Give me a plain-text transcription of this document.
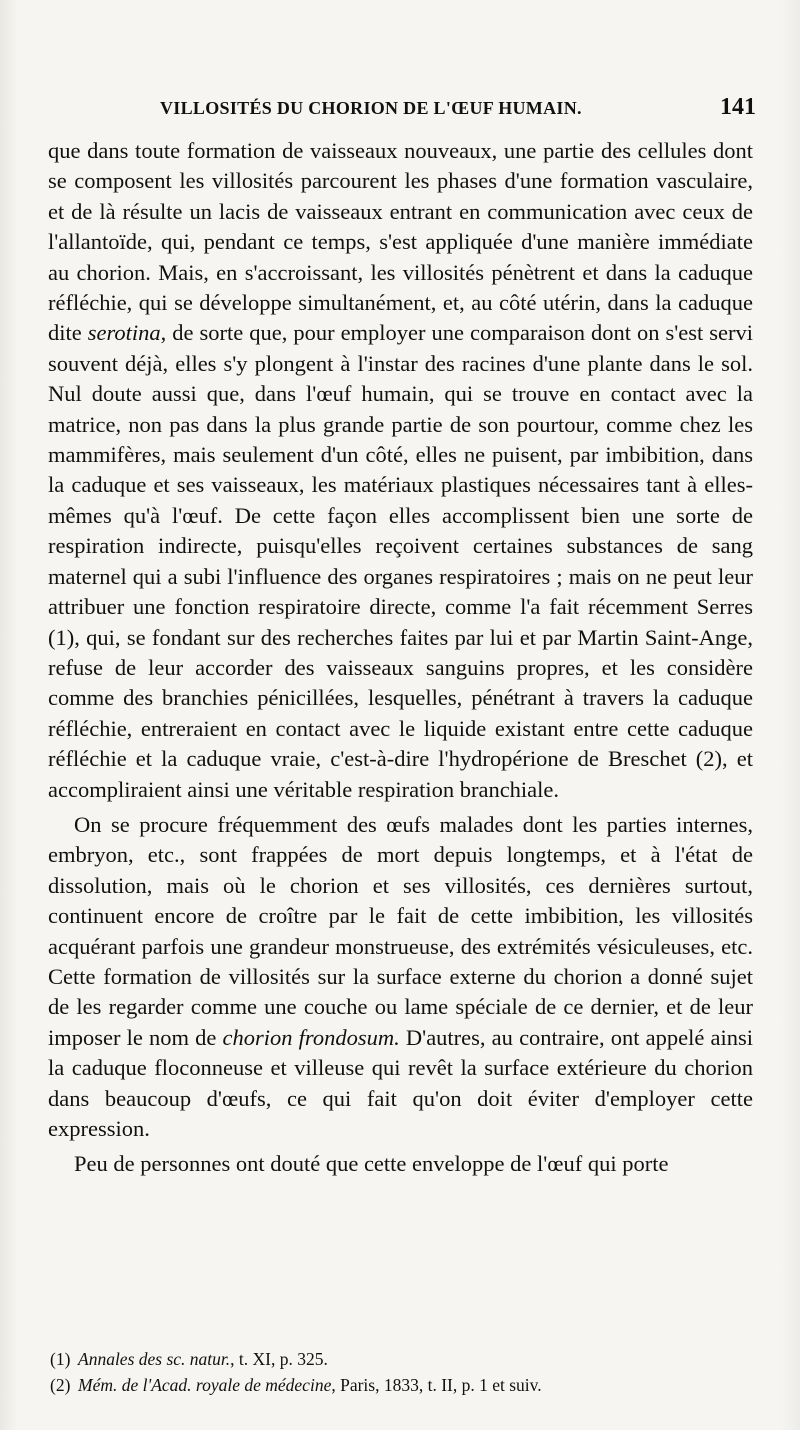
VILLOSITÉS DU CHORION DE L'ŒUF HUMAIN.	141

que dans toute formation de vaisseaux nouveaux, une partie des cellules dont se composent les villosités parcourent les phases d'une formation vasculaire, et de là résulte un lacis de vaisseaux entrant en communication avec ceux de l'allantoïde, qui, pendant ce temps, s'est appliquée d'une manière immédiate au chorion. Mais, en s'accroissant, les villosités pénètrent et dans la caduque réfléchie, qui se développe simultanément, et, au côté utérin, dans la caduque dite serotina, de sorte que, pour employer une comparaison dont on s'est servi souvent déjà, elles s'y plongent à l'instar des racines d'une plante dans le sol. Nul doute aussi que, dans l'œuf humain, qui se trouve en contact avec la matrice, non pas dans la plus grande partie de son pourtour, comme chez les mammifères, mais seulement d'un côté, elles ne puisent, par imbibition, dans la caduque et ses vaisseaux, les matériaux plastiques nécessaires tant à elles-mêmes qu'à l'œuf. De cette façon elles accomplissent bien une sorte de respiration indirecte, puisqu'elles reçoivent certaines substances de sang maternel qui a subi l'influence des organes respiratoires ; mais on ne peut leur attribuer une fonction respiratoire directe, comme l'a fait récemment Serres (1), qui, se fondant sur des recherches faites par lui et par Martin Saint-Ange, refuse de leur accorder des vaisseaux sanguins propres, et les considère comme des branchies pénicillées, lesquelles, pénétrant à travers la caduque réfléchie, entreraient en contact avec le liquide existant entre cette caduque réfléchie et la caduque vraie, c'est-à-dire l'hydropérione de Breschet (2), et accompliraient ainsi une véritable respiration branchiale.

On se procure fréquemment des œufs malades dont les parties internes, embryon, etc., sont frappées de mort depuis longtemps, et à l'état de dissolution, mais où le chorion et ses villosités, ces dernières surtout, continuent encore de croître par le fait de cette imbibition, les villosités acquérant parfois une grandeur monstrueuse, des extrémités vésiculeuses, etc. Cette formation de villosités sur la surface externe du chorion a donné sujet de les regarder comme une couche ou lame spéciale de ce dernier, et de leur imposer le nom de chorion frondosum. D'autres, au contraire, ont appelé ainsi la caduque floconneuse et villeuse qui revêt la surface extérieure du chorion dans beaucoup d'œufs, ce qui fait qu'on doit éviter d'employer cette expression.

Peu de personnes ont douté que cette enveloppe de l'œuf qui porte

(1) Annales des sc. natur., t. XI, p. 325.

(2) Mém. de l'Acad. royale de médecine, Paris, 1833, t. II, p. 1 et suiv.
